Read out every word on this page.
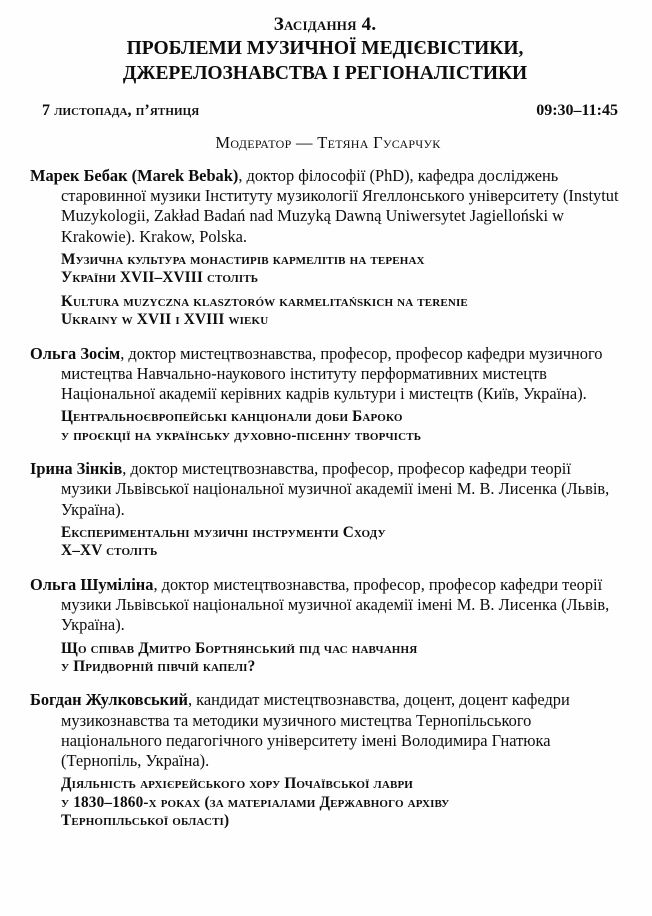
Засідання 4.
ПРОБЛЕМИ МУЗИЧНОЇ МЕДІЄВІСТИКИ,
ДЖЕРЕЛОЗНАВСТВА І РЕГІОНАЛІСТИКИ
7 листопада, п’ятниця	09:30–11:45
Модератор — Тетяна Гусарчук

Марек Бебак (Marek Bebak), доктор філософії (PhD), кафедра досліджень старовинної музики Інституту музикології Ягеллонського університету (Instytut Muzykologii, Zakład Badań nad Muzyką Dawną Uniwersytet Jagielloński w Krakowie). Krakow, Polska.

Музична культура монастирів кармелітів на теренах
України XVII–XVIII століть
Kultura muzyczna klasztorów karmelitańskich na terenie
Ukrainy w XVII i XVIII wieku

Ольга Зосім, доктор мистецтвознавства, професор, професор кафедри музичного мистецтва Навчально-наукового інституту перформативних мистецтв Національної академії керівних кадрів культури і мистецтв (Київ, Україна).

Центральноєвропейські канціонали доби Бароко
у проєкції на українську духовно-пісенну творчість

Ірина Зінків, доктор мистецтвознавства, професор, професор кафедри теорії музики Львівської національної музичної академії імені М. В. Лисенка (Львів, Україна).

Експериментальні музичні інструменти Сходу
X–XV століть

Ольга Шуміліна, доктор мистецтвознавства, професор, професор кафедри теорії музики Львівської національної музичної академії імені М. В. Лисенка (Львів, Україна).

Що співав Дмитро Бортнянський під час навчання
у Придворній півчій капелі?

Богдан Жулковський, кандидат мистецтвознавства, доцент, доцент кафедри музикознавства та методики музичного мистецтва Тернопільського національного педагогічного університету імені Володимира Гнатюка (Тернопіль, Україна).

Діяльність архієрейського хору Почаївської лаври
у 1830–1860-х роках (за матеріалами Державного архіву
Тернопільської області)
